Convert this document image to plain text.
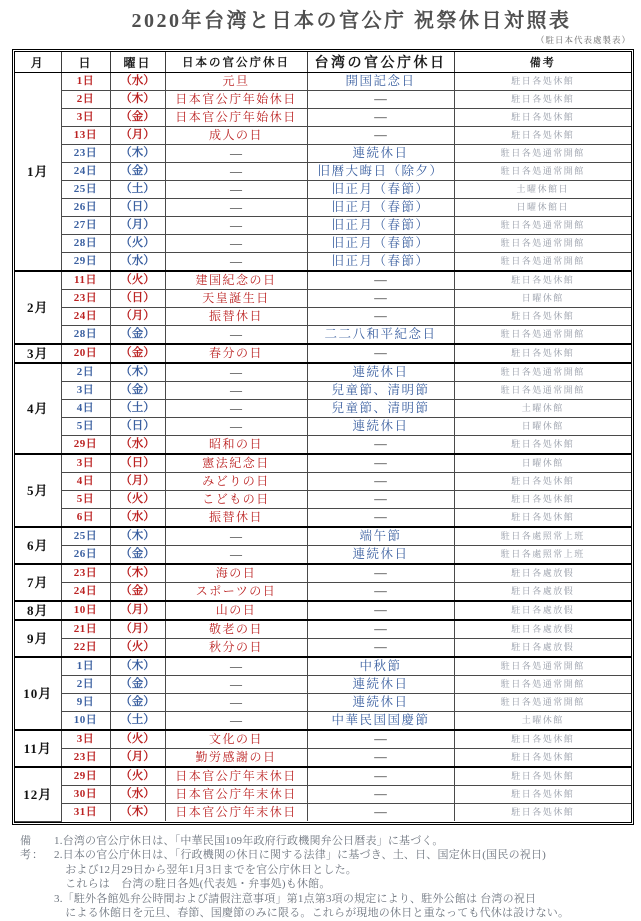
2020年台湾と日本の官公庁 祝祭休日対照表
（駐日本代表處製表）
月	日	曜日	日本の官公庁休日	台湾の官公庁休日	備考
1月	1日	（水）	元旦	開国記念日	駐日各処休館
	2日	（木）	日本官公庁年始休日	―	駐日各処休館
	3日	（金）	日本官公庁年始休日	―	駐日各処休館
	13日	（月）	成人の日	―	駐日各処休館
	23日	（木）	―	連続休日	駐日各処通常開館
	24日	（金）	―	旧暦大晦日（除夕）	駐日各処通常開館
	25日	（土）	―	旧正月（春節）	土曜休館日
	26日	（日）	―	旧正月（春節）	日曜休館日
	27日	（月）	―	旧正月（春節）	駐日各処通常開館
	28日	（火）	―	旧正月（春節）	駐日各処通常開館
	29日	（水）	―	旧正月（春節）	駐日各処通常開館
2月	11日	（火）	建国紀念の日	―	駐日各処休館
	23日	（日）	天皇誕生日	―	日曜休館
	24日	（月）	振替休日	―	駐日各処休館
	28日	（金）	―	二二八和平紀念日	駐日各処通常開館
3月	20日	（金）	春分の日	―	駐日各処休館
4月	2日	（木）	―	連続休日	駐日各処通常開館
	3日	（金）	―	兒童節、清明節	駐日各処通常開館
	4日	（土）	―	兒童節、清明節	土曜休館
	5日	（日）	―	連続休日	日曜休館
	29日	（水）	昭和の日	―	駐日各処休館
5月	3日	（日）	憲法紀念日	―	日曜休館
	4日	（月）	みどりの日	―	駐日各処休館
	5日	（火）	こどもの日	―	駐日各処休館
	6日	（水）	振替休日	―	駐日各処休館
6月	25日	（木）	―	端午節	駐日各處照常上班
	26日	（金）	―	連続休日	駐日各處照常上班
7月	23日	（木）	海の日	―	駐日各處放假
	24日	（金）	スポーツの日	―	駐日各處放假
8月	10日	（月）	山の日	―	駐日各處放假
9月	21日	（月）	敬老の日	―	駐日各處放假
	22日	（火）	秋分の日	―	駐日各處放假
10月	1日	（木）	―	中秋節	駐日各処通常開館
	2日	（金）	―	連続休日	駐日各処通常開館
	9日	（金）	―	連続休日	駐日各処通常開館
	10日	（土）	―	中華民国国慶節	土曜休館
11月	3日	（火）	文化の日	―	駐日各処休館
	23日	（月）	勤労感謝の日	―	駐日各処休館
12月	29日	（火）	日本官公庁年末休日	―	駐日各処休館
	30日	（水）	日本官公庁年末休日	―	駐日各処休館
	31日	（木）	日本官公庁年末休日	―	駐日各処休館
備考：
1.台湾の官公庁休日は、「中華民国109年政府行政機関弁公日暦表」に基づく。
2.日本の官公庁休日は、「行政機関の休日に関する法律」に基づき、土、日、国定休日(国民の祝日)
　および12月29日から翌年1月3日までを官公庁休日とした。
　これらは　台湾の駐日各処(代表処・弁事処)も休館。
3.「駐外各館処弁公時間および請假注意事項」第1点第3項の規定により、駐外公館は 台湾の祝日
　による休館日を元旦、春節、国慶節のみに限る。これらが現地の休日と重なっても代休は設けない。
